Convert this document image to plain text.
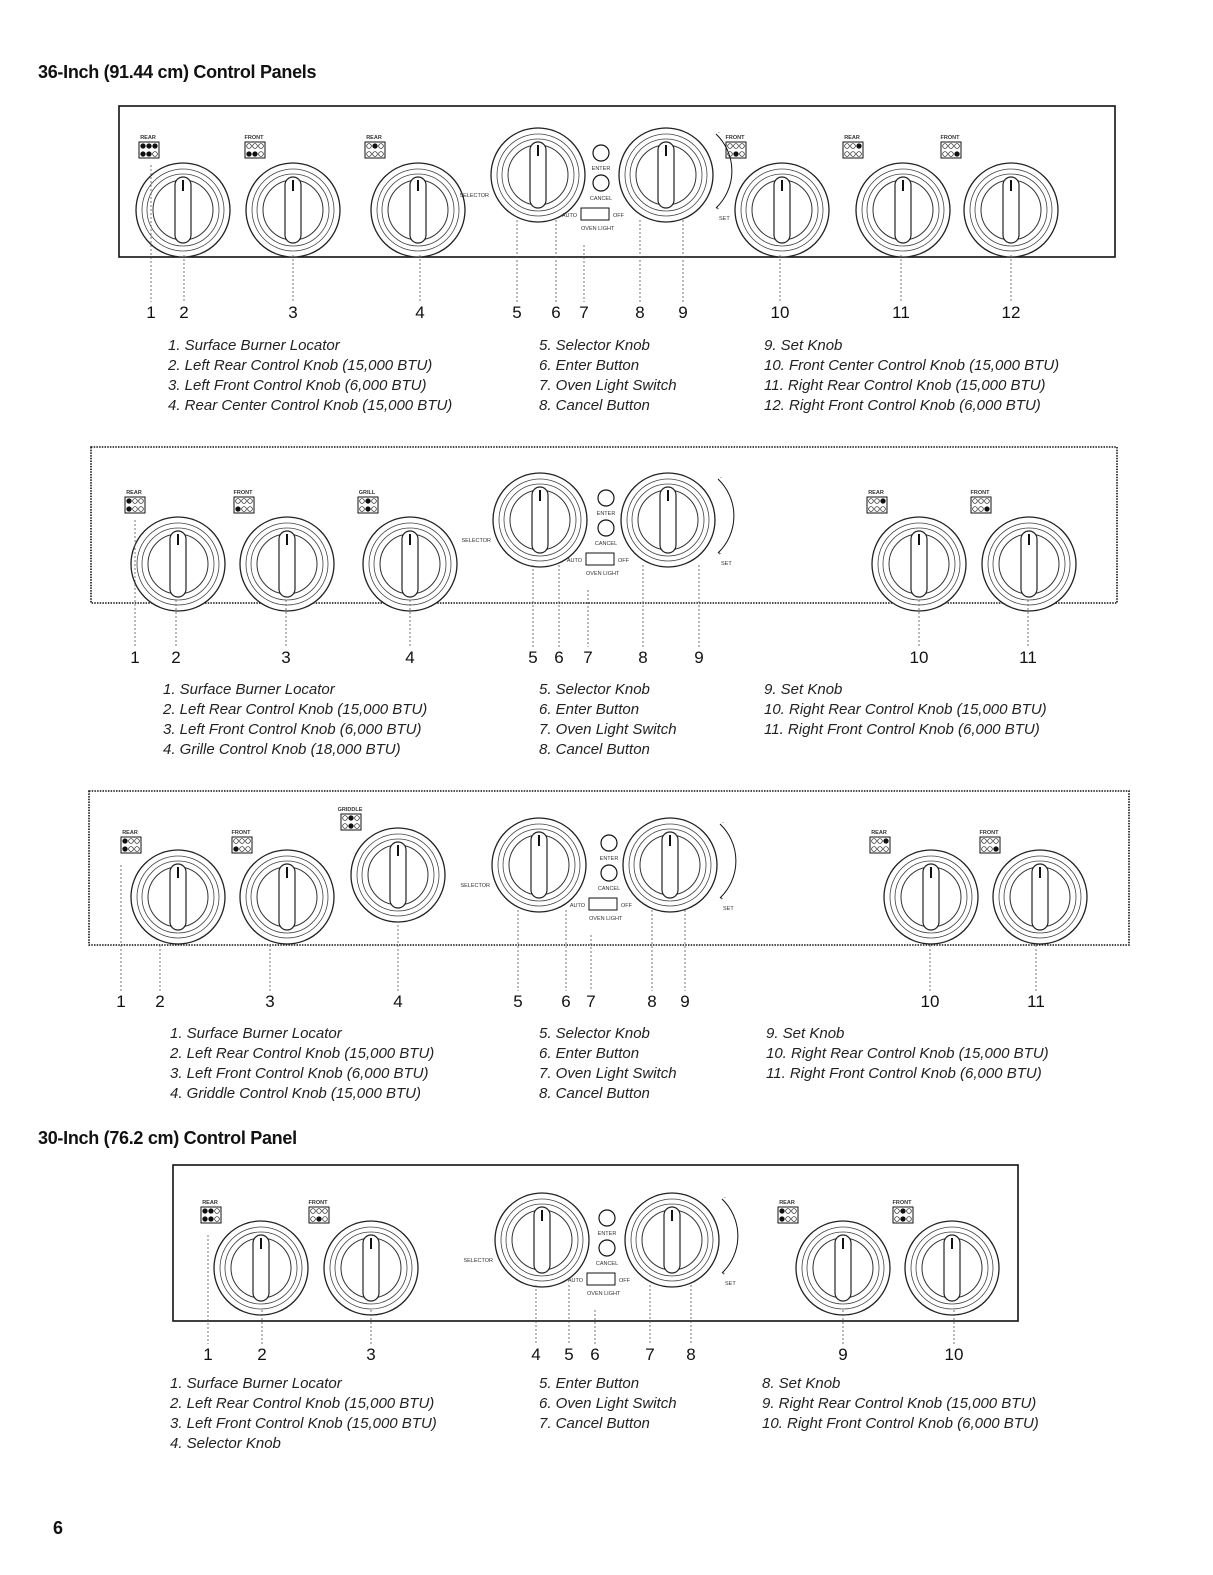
36-Inch (91.44 cm) Control Panels
REAR	FRONT	REAR	FRONT	REAR	FRONT
SELECTOR
ENTER
CANCEL
AUTO	OFF
OVEN LIGHT
-
+
SET
1 2	3	4	5 6 7	8 9	10	11	12
1. Surface Burner Locator
2. Left Rear Control Knob (15,000 BTU)
3. Left Front Control Knob (6,000 BTU)
4. Rear Center Control Knob (15,000 BTU)
5. Selector Knob
6. Enter Button
7. Oven Light Switch
8. Cancel Button
9. Set Knob
10. Front Center Control Knob (15,000 BTU)
11. Right Rear Control Knob (15,000 BTU)
12. Right Front Control Knob (6,000 BTU)
REAR	FRONT	GRILL	REAR	FRONT
SELECTOR
ENTER
CANCEL
AUTO	OFF
OVEN LIGHT
-
+
SET
1 2	3	4	5 6 7	8	9	10	11
1. Surface Burner Locator
2. Left Rear Control Knob (15,000 BTU)
3. Left Front Control Knob (6,000 BTU)
4. Grille Control Knob (18,000 BTU)
5. Selector Knob
6. Enter Button
7. Oven Light Switch
8. Cancel Button
9. Set Knob
10. Right Rear Control Knob (15,000 BTU)
11. Right Front Control Knob (6,000 BTU)
REAR	FRONT
GRIDDLE
REAR	FRONT
SELECTOR
ENTER
CANCEL
AUTO	OFF
OVEN LIGHT
-
+
SET
1 2	3	4	5 6 7	8 9	10	11
1. Surface Burner Locator
2. Left Rear Control Knob (15,000 BTU)
3. Left Front Control Knob (6,000 BTU)
4. Griddle Control Knob (15,000 BTU)
5. Selector Knob
6. Enter Button
7. Oven Light Switch
8. Cancel Button
9. Set Knob
10. Right Rear Control Knob (15,000 BTU)
11. Right Front Control Knob (6,000 BTU)
30-Inch (76.2 cm) Control Panel
REAR	FRONT	REAR	FRONT
SELECTOR
ENTER
CANCEL
AUTO	OFF
OVEN LIGHT
-
+
SET
1	2	3	4 5 6	7 8	9	10
1. Surface Burner Locator
2. Left Rear Control Knob (15,000 BTU)
3. Left Front Control Knob (15,000 BTU)
4. Selector Knob
5. Enter Button
6. Oven Light Switch
7. Cancel Button
8. Set Knob
9. Right Rear Control Knob (15,000 BTU)
10. Right Front Control Knob (6,000 BTU)
6
